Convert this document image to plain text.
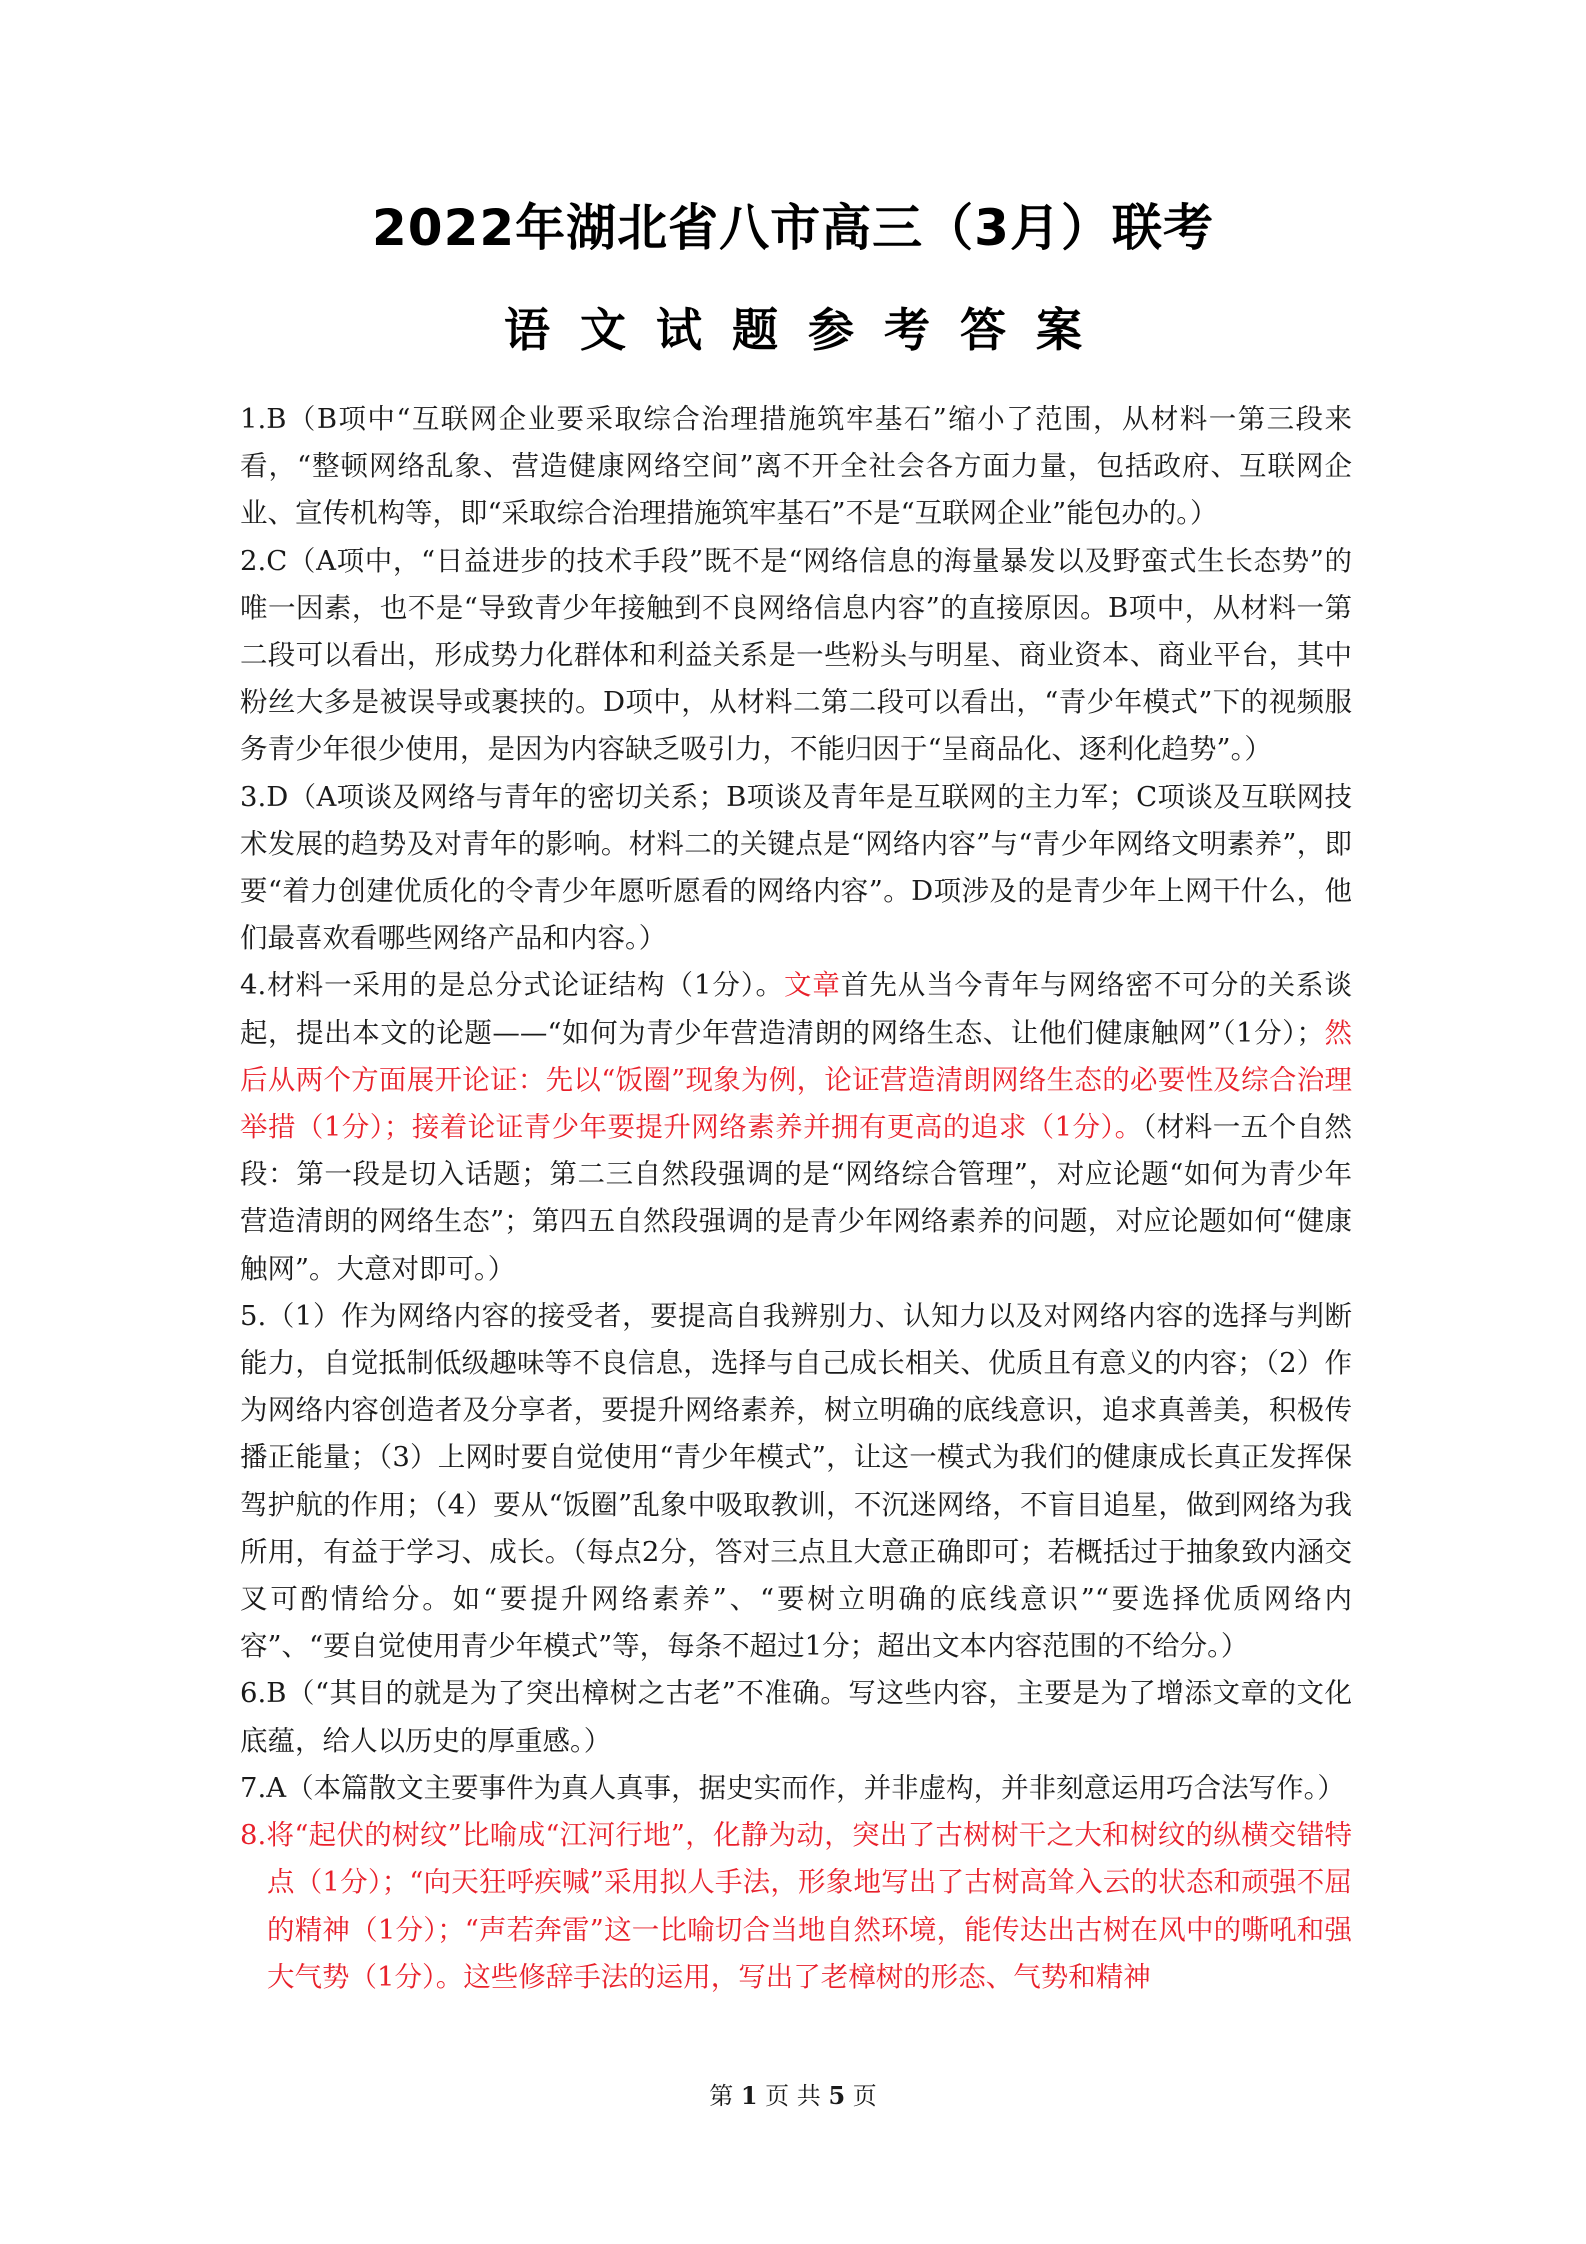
2022年湖北省八市高三（3月）联考
语文试题参考答案

1.B（B项中“互联网企业要采取综合治理措施筑牢基石”缩小了范围，从材料一第三段来看，“整顿网络乱象、营造健康网络空间”离不开全社会各方面力量，包括政府、互联网企业、宣传机构等，即“采取综合治理措施筑牢基石”不是“互联网企业”能包办的。）

2.C（A项中，“日益进步的技术手段”既不是“网络信息的海量暴发以及野蛮式生长态势”的唯一因素，也不是“导致青少年接触到不良网络信息内容”的直接原因。B项中，从材料一第二段可以看出，形成势力化群体和利益关系是一些粉头与明星、商业资本、商业平台，其中粉丝大多是被误导或裹挟的。D项中，从材料二第二段可以看出，“青少年模式”下的视频服务青少年很少使用，是因为内容缺乏吸引力，不能归因于“呈商品化、逐利化趋势”。）

3.D（A项谈及网络与青年的密切关系；B项谈及青年是互联网的主力军；C项谈及互联网技术发展的趋势及对青年的影响。材料二的关键点是“网络内容”与“青少年网络文明素养”，即要“着力创建优质化的令青少年愿听愿看的网络内容”。D项涉及的是青少年上网干什么，他们最喜欢看哪些网络产品和内容。）

4.材料一采用的是总分式论证结构（1分）。文章首先从当今青年与网络密不可分的关系谈起，提出本文的论题——“如何为青少年营造清朗的网络生态、让他们健康触网”（1分）；然后从两个方面展开论证：先以“饭圈”现象为例，论证营造清朗网络生态的必要性及综合治理举措（1分）；接着论证青少年要提升网络素养并拥有更高的追求（1分）。（材料一五个自然段：第一段是切入话题；第二三自然段强调的是“网络综合管理”，对应论题“如何为青少年营造清朗的网络生态”；第四五自然段强调的是青少年网络素养的问题，对应论题如何“健康触网”。大意对即可。）

5.（1）作为网络内容的接受者，要提高自我辨别力、认知力以及对网络内容的选择与判断能力，自觉抵制低级趣味等不良信息，选择与自己成长相关、优质且有意义的内容；（2）作为网络内容创造者及分享者，要提升网络素养，树立明确的底线意识，追求真善美，积极传播正能量；（3）上网时要自觉使用“青少年模式”，让这一模式为我们的健康成长真正发挥保驾护航的作用；（4）要从“饭圈”乱象中吸取教训，不沉迷网络，不盲目追星，做到网络为我所用，有益于学习、成长。（每点2分，答对三点且大意正确即可；若概括过于抽象致内涵交叉可酌情给分。如“要提升网络素养”、“要树立明确的底线意识”“要选择优质网络内容”、“要自觉使用青少年模式”等，每条不超过1分；超出文本内容范围的不给分。）

6.B（“其目的就是为了突出樟树之古老”不准确。写这些内容，主要是为了增添文章的文化底蕴，给人以历史的厚重感。）

7.A（本篇散文主要事件为真人真事，据史实而作，并非虚构，并非刻意运用巧合法写作。）

8.将“起伏的树纹”比喻成“江河行地”，化静为动，突出了古树树干之大和树纹的纵横交错特点（1分）；“向天狂呼疾喊”采用拟人手法，形象地写出了古树高耸入云的状态和顽强不屈的精神（1分）；“声若奔雷”这一比喻切合当地自然环境，能传达出古树在风中的嘶吼和强大气势（1分）。这些修辞手法的运用，写出了老樟树的形态、气势和精神

第 1 页 共 5 页
